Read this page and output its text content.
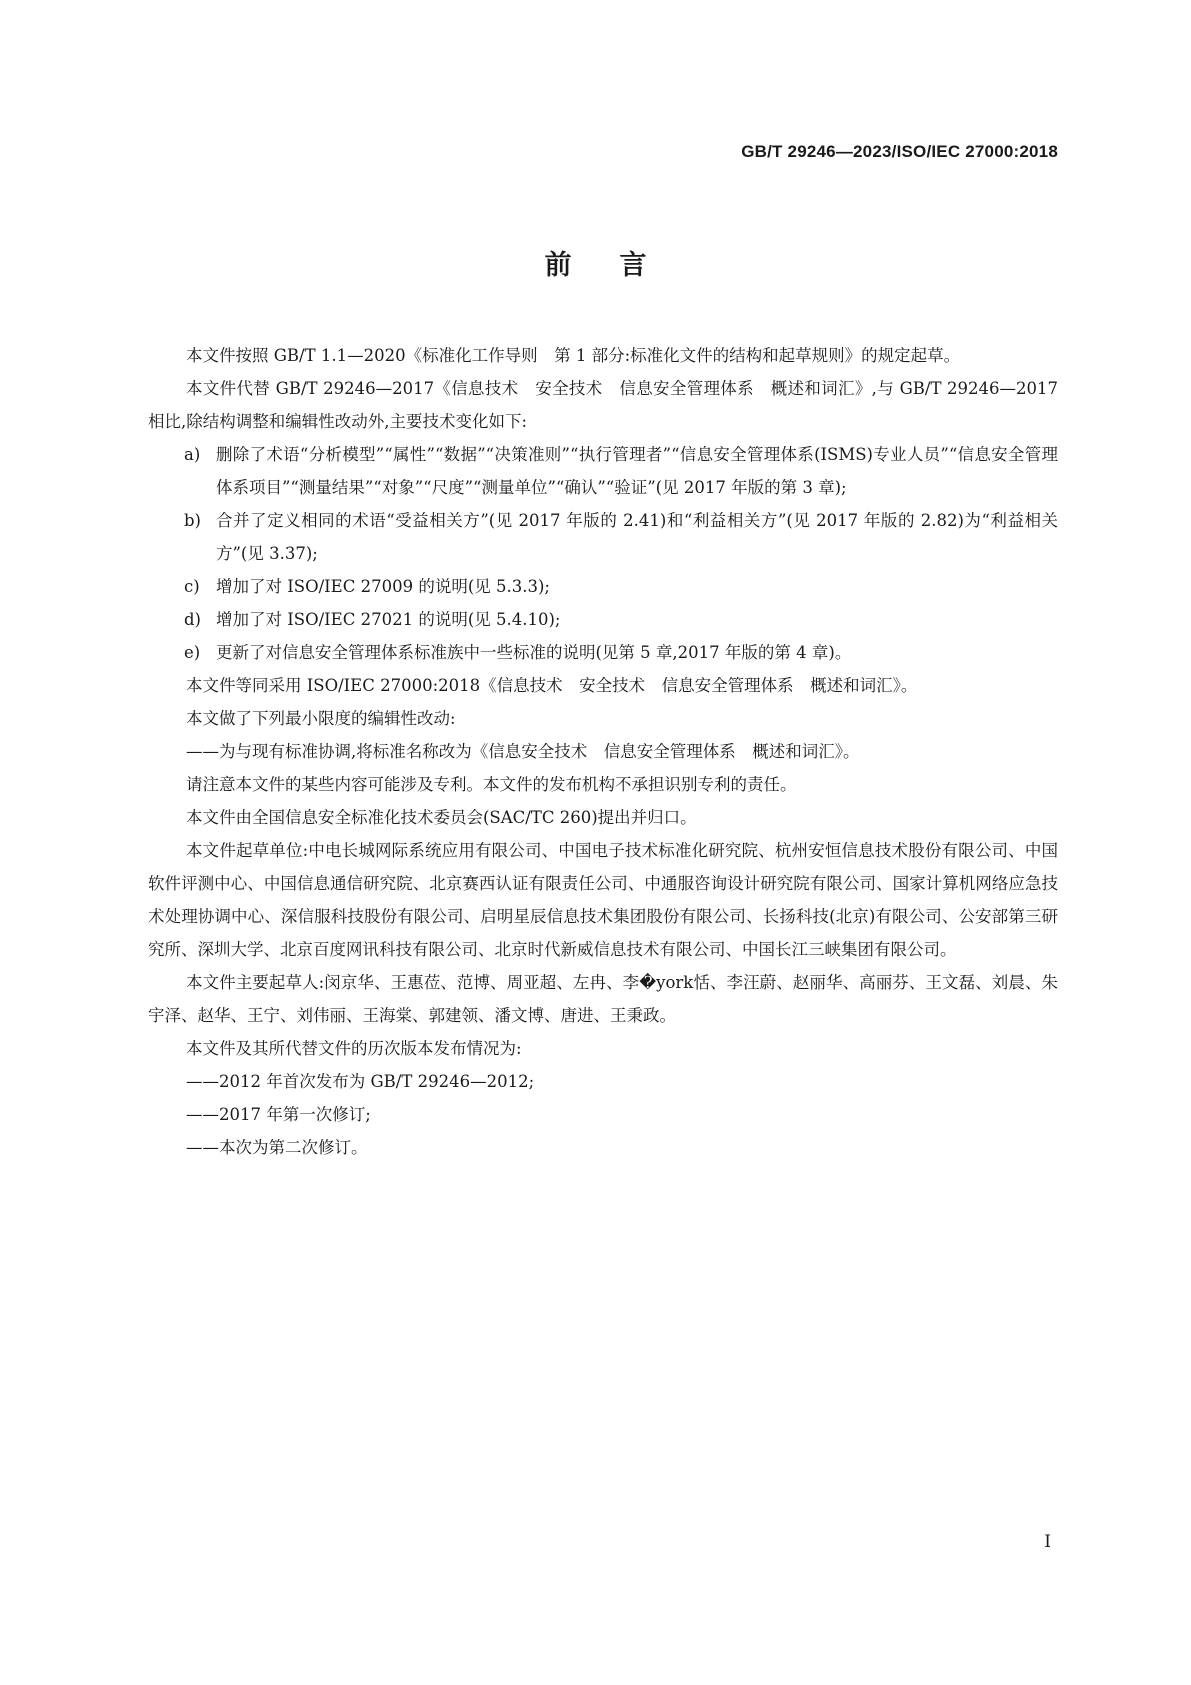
GB/T 29246—2023/ISO/IEC 27000:2018
前言

本文件按照 GB/T 1.1—2020《标准化工作导则　第 1 部分:标准化文件的结构和起草规则》的规定起草。

本文件代替 GB/T 29246—2017《信息技术　安全技术　信息安全管理体系　概述和词汇》,与 GB/T 29246—2017 相比,除结构调整和编辑性改动外,主要技术变化如下:

a) 删除了术语“分析模型”“属性”“数据”“决策准则”“执行管理者”“信息安全管理体系(ISMS)专业人员”“信息安全管理体系项目”“测量结果”“对象”“尺度”“测量单位”“确认”“验证”(见 2017 年版的第 3 章);
b) 合并了定义相同的术语“受益相关方”(见 2017 年版的 2.41)和“利益相关方”(见 2017 年版的 2.82)为“利益相关方”(见 3.37);
c) 增加了对 ISO/IEC 27009 的说明(见 5.3.3);
d) 增加了对 ISO/IEC 27021 的说明(见 5.4.10);
e) 更新了对信息安全管理体系标准族中一些标准的说明(见第 5 章,2017 年版的第 4 章)。

本文件等同采用 ISO/IEC 27000:2018《信息技术　安全技术　信息安全管理体系　概述和词汇》。

本文做了下列最小限度的编辑性改动:

——为与现有标准协调,将标准名称改为《信息安全技术　信息安全管理体系　概述和词汇》。

请注意本文件的某些内容可能涉及专利。本文件的发布机构不承担识别专利的责任。

本文件由全国信息安全标准化技术委员会(SAC/TC 260)提出并归口。

本文件起草单位:中电长城网际系统应用有限公司、中国电子技术标准化研究院、杭州安恒信息技术股份有限公司、中国软件评测中心、中国信息通信研究院、北京赛西认证有限责任公司、中通服咨询设计研究院有限公司、国家计算机网络应急技术处理协调中心、深信服科技股份有限公司、启明星辰信息技术集团股份有限公司、长扬科技(北京)有限公司、公安部第三研究所、深圳大学、北京百度网讯科技有限公司、北京时代新威信息技术有限公司、中国长江三峡集团有限公司。

本文件主要起草人:闵京华、王惠莅、范博、周亚超、左冉、李�york恬、李汪蔚、赵丽华、高丽芬、王文磊、刘晨、朱宇泽、赵华、王宁、刘伟丽、王海棠、郭建领、潘文博、唐进、王秉政。

本文件及其所代替文件的历次版本发布情况为:

——2012 年首次发布为 GB/T 29246—2012;

——2017 年第一次修订;

——本次为第二次修订。

I
